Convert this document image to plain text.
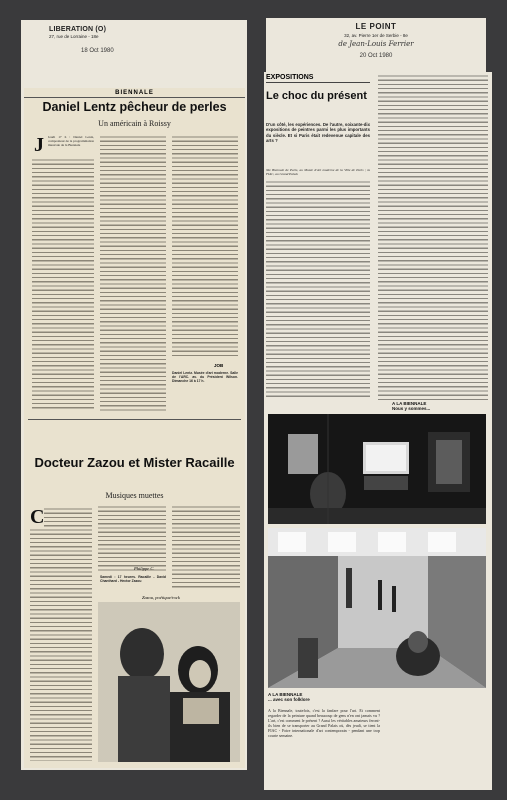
LIBERATION (O)
27, rue de Lorraine - 18e
18 Oct 1980
BIENNALE
Daniel Lentz pêcheur de perles
Un américain à Roissy
J Jeudi 17 h : Daniel Lentz, compositeur de la programmation musicale de la Biennale
JOB
Daniel Lentz. Musée d'art moderne. Salle de l'ARC. av. du Président Wilson. Dimanche 16 à 17 h.
Docteur Zazou et Mister Racaille
Musiques muettes
C
Philippe C.
Samedi : 17 heures. Racaille - David Chanthard - Hector Zazou
Zazou, poétique/rock
LE POINT
32, av. Pierre 1er de Serbie - 8e
de Jean-Louis Ferrier
20 Oct 1980
EXPOSITIONS
Le choc du présent
D'un côté, les expériences. De l'autre, soixante-dix expositions de peintres parmi les plus importants du siècle. Et si Paris était redevenue capitale des arts ?
XIe Biennale de Paris, au Musée d'Art moderne de la Ville de Paris ; la FIAC, au Grand Palais
A LA BIENNALE
Nous y sommes...
A LA BIENNALE
... avec son folklore
A la Biennale, toutefois, c'est la fanfare pour l'art. Et comment regarder de la peinture quand beaucoup de gens n'en ont jamais vu ? L'art, c'est comment le présent ? Aussi les véritables amateurs feront-ils bien de se transporter au Grand Palais où, dès jeudi, se tient la FIAC - Foire internationale d'art contemporain - pendant une trop courte semaine.
